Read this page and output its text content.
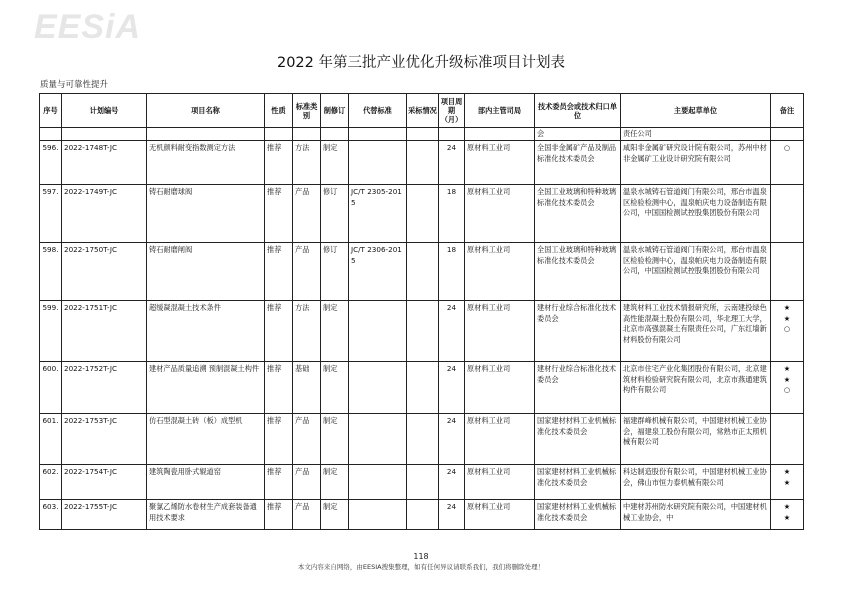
EESiA
2022 年第三批产业优化升级标准项目计划表
质量与可靠性提升
序号	计划编号	项目名称	性质	标准类别	制修订	代替标准	采标情况	项目周期（月）	部内主管司局	技术委员会或技术归口单位	主要起草单位	备注
										会	责任公司	
596.	2022-1748T-JC	无机颜料耐变指数测定方法	推荐	方法	制定			24	原材料工业司	全国非金属矿产品及制品标准化技术委员会	咸阳非金属矿研究设计院有限公司，苏州中材非金属矿工业设计研究院有限公司	○

597.	2022-1749T-JC	铸石耐磨球阀	推荐	产品	修订	JC/T 2305-2015		18	原材料工业司	全国工业玻璃和特种玻璃标准化技术委员会	温泉水城铸石管道阀门有限公司，邢台市温泉区检验检测中心，温泉帕庆电力设备制造有限公司，中国国检测试控股集团股份有限公司	
598.	2022-1750T-JC	铸石耐磨闸阀	推荐	产品	修订	JC/T 2306-2015		18	原材料工业司	全国工业玻璃和特种玻璃标准化技术委员会	温泉水城铸石管道阀门有限公司，邢台市温泉区检验检测中心，温泉帕庆电力设备制造有限公司，中国国检测试控股集团股份有限公司	
599.	2022-1751T-JC	超缓凝混凝土技术条件	推荐	方法	制定			24	原材料工业司	建材行业综合标准化技术委员会	建筑材料工业技术情报研究所，云南建投绿色高性能混凝土股份有限公司，华北理工大学，北京市高强混凝土有限责任公司，广东红墙新材料股份有限公司	★
★
○

600.	2022-1752T-JC	建材产品质量追溯 预制混凝土构件	推荐	基础	制定			24	原材料工业司	建材行业综合标准化技术委员会	北京市住宅产业化集团股份有限公司，北京建筑材料检验研究院有限公司，北京市燕通建筑构件有限公司	★
★
○

601.	2022-1753T-JC	仿石型混凝土砖（板）成型机	推荐	产品	制定			24	原材料工业司	国家建材材料工业机械标准化技术委员会	福建群峰机械有限公司，中国建材机械工业协会，福建泉工股份有限公司，常熟市正太照机械有限公司	
602.	2022-1754T-JC	建筑陶瓷用卧式辊道窑	推荐	产品	制定			24	原材料工业司	国家建材材料工业机械标准化技术委员会	科达制造股份有限公司，中国建材机械工业协会，佛山市恒力泰机械有限公司	★
★

603.	2022-1755T-JC	聚氯乙烯防水卷材生产成套装备通用技术要求	推荐	产品	制定			24	原材料工业司	国家建材材料工业机械标准化技术委员会	中建材苏州防水研究院有限公司，中国建材机械工业协会，中	★
★
118
本文内容来自网络，由EESIA搜集整理，如有任何异议请联系我们，我们将删除处理！
